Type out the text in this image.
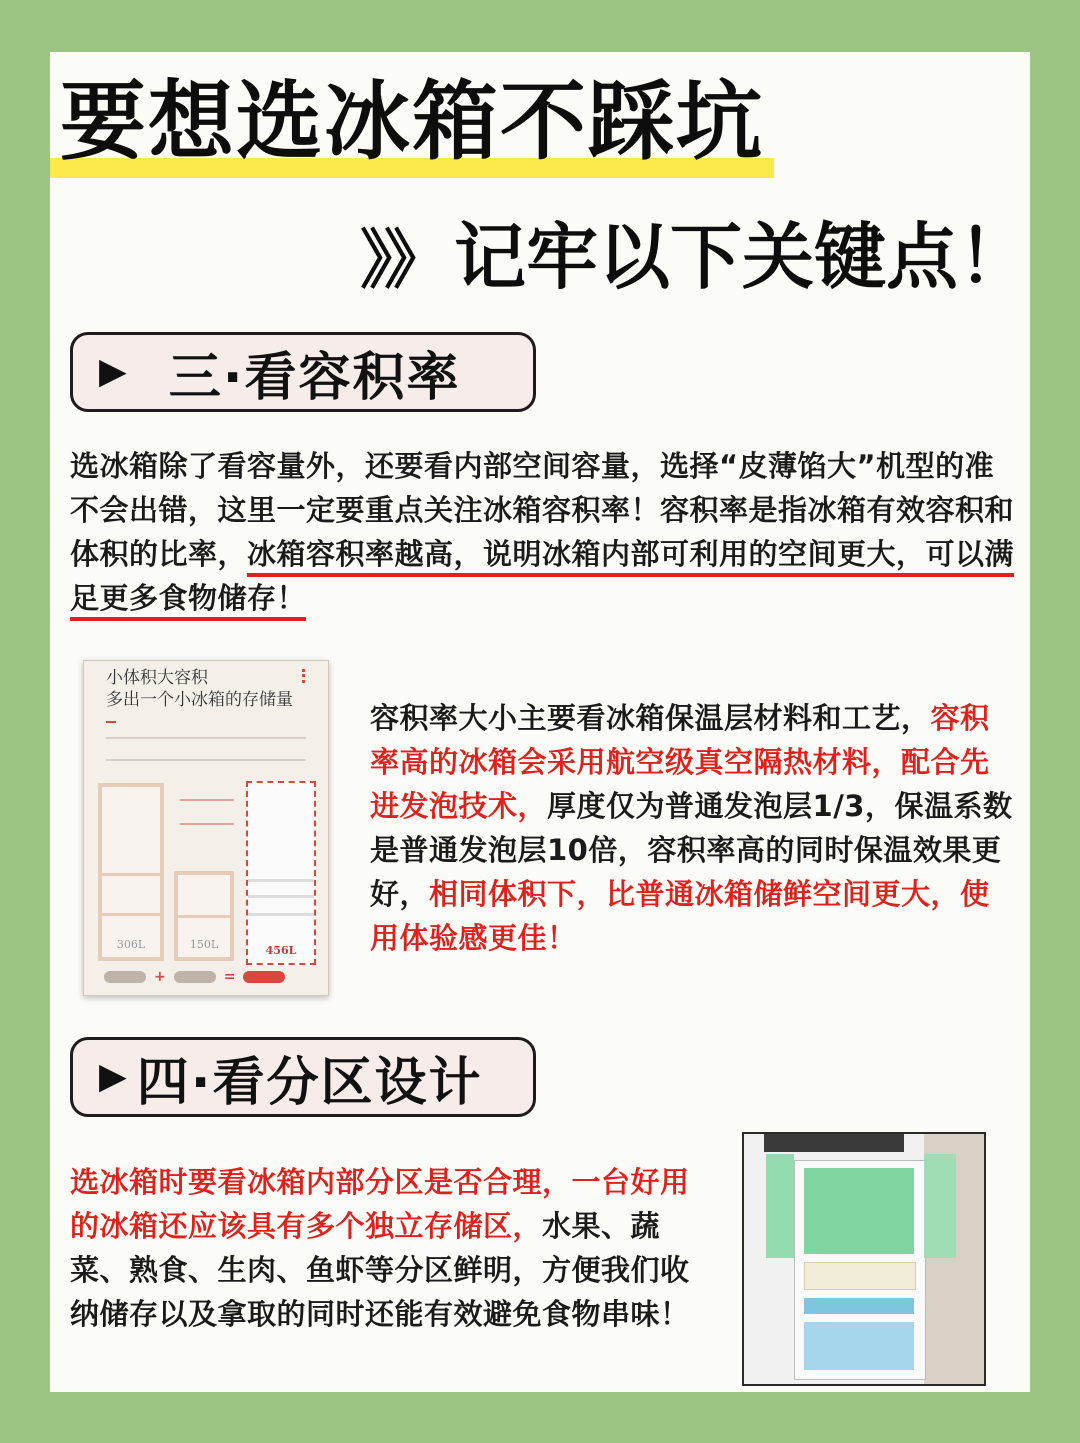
要想选冰箱不踩坑
》》 记牢以下关键点！
▶ 三·看容积率
选冰箱除了看容量外，还要看内部空间容量，选择“皮薄馅大”机型的准不会出错，这里一定要重点关注冰箱容积率！容积率是指冰箱有效容积和体积的比率，冰箱容积率越高，说明冰箱内部可利用的空间更大，可以满足更多食物储存！
小体积大容积
多出一个小冰箱的存储量
306L	150L	456L
+	=
容积率大小主要看冰箱保温层材料和工艺，容积率高的冰箱会采用航空级真空隔热材料，配合先进发泡技术，厚度仅为普通发泡层1/3，保温系数是普通发泡层10倍，容积率高的同时保温效果更好，相同体积下，比普通冰箱储鲜空间更大，使用体验感更佳！
▶ 四·看分区设计
选冰箱时要看冰箱内部分区是否合理，一台好用的冰箱还应该具有多个独立存储区，水果、蔬菜、熟食、生肉、鱼虾等分区鲜明，方便我们收纳储存以及拿取的同时还能有效避免食物串味！
